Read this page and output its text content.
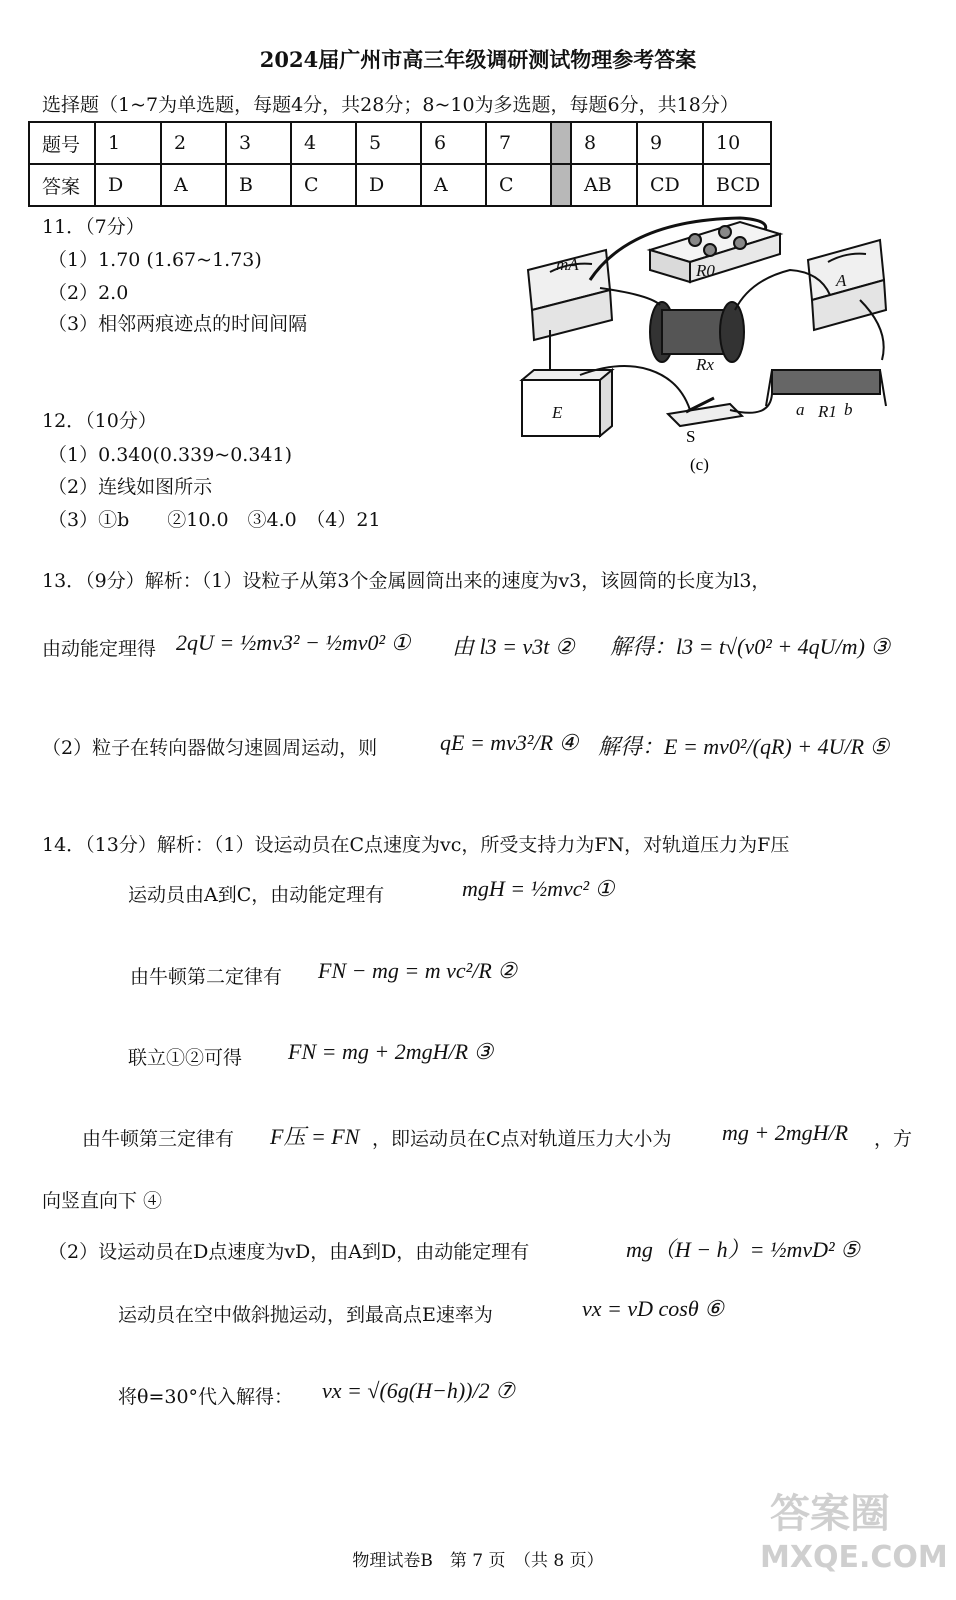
2024届广州市高三年级调研测试物理参考答案
选择题（1~7为单选题，每题4分，共28分；8~10为多选题，每题6分，共18分）
题号	1	2	3	4	5	6	7		8	9	10
答案	D	A	B	C	D	A	C		AB	CD	BCD
11．（7分）
（1）1.70 (1.67~1.73)
（2）2.0
（3）相邻两痕迹点的时间间隔
12．（10分）
（1）0.340(0.339~0.341)
（2）连线如图所示
（3）①b　　②10.0　③4.0　（4）21
mA	R0
A
Rx
E	a R1 b
S
(c)
13．（9分）解析：（1）设粒子从第3个金属圆筒出来的速度为v3，该圆筒的长度为l3，
由动能定理得 2qU = ½mv3² − ½mv0² ① 由 l3 = v3t ② 解得：l3 = t√(v0² + 4qU/m) ③
（2）粒子在转向器做匀速圆周运动，则	qE = mv3²/R ④ 解得：E = mv0²/(qR) + 4U/R ⑤
14．（13分）解析：（1）设运动员在C点速度为vc，所受支持力为FN，对轨道压力为F压
运动员由A到C，由动能定理有	mgH = ½mvc² ①
由牛顿第二定律有 FN − mg = m vc²/R ②
联立①②可得 FN = mg + 2mgH/R ③
由牛顿第三定律有 F压 = FN ，即运动员在C点对轨道压力大小为 mg + 2mgH/R ，方
向竖直向下 ④
（2）设运动员在D点速度为vD，由A到D，由动能定理有	mg（H − h）= ½mvD² ⑤
运动员在空中做斜抛运动，到最高点E速率为	vx = vD cosθ ⑥
将θ=30°代入解得： vx = √(6g(H−h))/2 ⑦
物理试卷B　第 7 页　（共 8 页）
答案圈
MXQE.COM
